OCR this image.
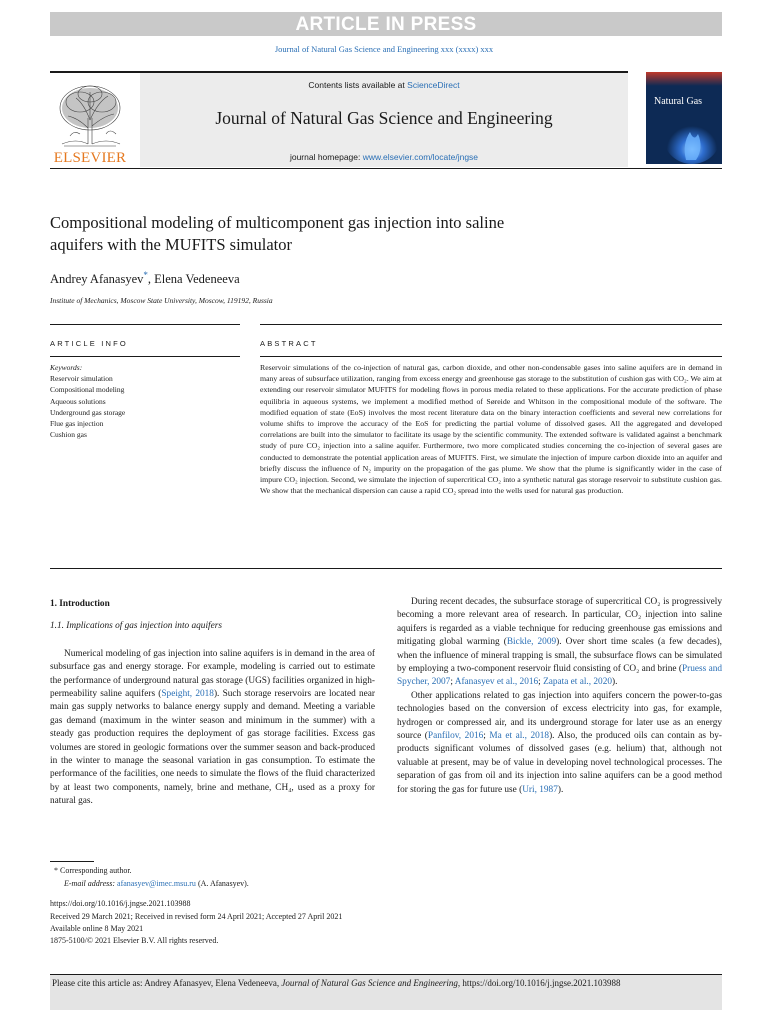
ARTICLE IN PRESS
Journal of Natural Gas Science and Engineering xxx (xxxx) xxx
ELSEVIER
Contents lists available at ScienceDirect
Journal of Natural Gas Science and Engineering
journal homepage: www.elsevier.com/locate/jngse
Natural Gas
Compositional modeling of multicomponent gas injection into saline
aquifers with the MUFITS simulator
Andrey Afanasyev*, Elena Vedeneeva
Institute of Mechanics, Moscow State University, Moscow, 119192, Russia
ARTICLE INFO	ABSTRACT
Keywords:
Reservoir simulation
Compositional modeling
Aqueous solutions
Underground gas storage
Flue gas injection
Cushion gas
Reservoir simulations of the co-injection of natural gas, carbon dioxide, and other non-condensable gases into saline aquifers are in demand in many areas of subsurface utilization, ranging from excess energy and greenhouse gas storage to the substitution of cushion gas with CO₂. We aim at extending our reservoir simulator MUFITS for modeling flows in porous media related to these applications. For the accurate prediction of phase equilibria in aqueous systems, we implement a modified method of Søreide and Whitson in the compositional module of the software. The modified equation of state (EoS) involves the most recent literature data on the binary interaction coefficients and several new correlations for volume shifts to improve the accuracy of the EoS for predicting the partial volume of dissolved gases. All the aggregated and developed correlations are built into the simulator to facilitate its usage by the scientific community. The extended software is validated against a benchmark study of pure CO₂ injection into a saline aquifer. Furthermore, two more complicated studies concerning the co-injection of several gases are conducted to demonstrate the potential application areas of MUFITS. First, we simulate the injection of impure carbon dioxide into an aquifer and briefly discuss the influence of N₂ impurity on the propagation of the gas plume. We show that the plume is significantly wider in the case of impure CO₂ injection. Second, we simulate the injection of supercritical CO₂ into a synthetic natural gas storage reservoir to substitute cushion gas. We show that the mechanical dispersion can cause a rapid CO₂ spread into the wells used for natural gas production.
1. Introduction
1.1. Implications of gas injection into aquifers
Numerical modeling of gas injection into saline aquifers is in demand in the area of subsurface gas and energy storage. For example, modeling is carried out to estimate the performance of underground natural gas storage (UGS) facilities organized in high-permeability saline aquifers (Speight, 2018). Such storage reservoirs are located near main gas supply networks to balance energy supply and demand. Meeting a variable gas demand (maximum in the winter season and minimum in the summer) with a steady gas production requires the deployment of gas storage facilities. Excess gas volumes are stored in geologic formations over the summer season and back-produced in the winter to manage the seasonal variation in gas consumption. To estimate the performance of the facilities, one needs to simulate the flows of the fluid characterized by at least two components, namely, brine and methane, CH₄, used as a proxy for natural gas.
During recent decades, the subsurface storage of supercritical CO₂ is progressively becoming a more relevant area of research. In particular, CO₂ injection into saline aquifers is regarded as a viable technique for reducing greenhouse gas emissions and mitigating global warming (Bickle, 2009). Over short time scales (a few decades), when the influence of mineral trapping is small, the subsurface flows can be simulated by employing a two-component reservoir fluid consisting of CO₂ and brine (Pruess and Spycher, 2007; Afanasyev et al., 2016; Zapata et al., 2020).
Other applications related to gas injection into aquifers concern the power-to-gas technologies based on the conversion of excess electricity into gas, for example, hydrogen or compressed air, and its underground storage for later use as an energy source (Panfilov, 2016; Ma et al., 2018). Also, the produced oils can contain as by-products significant volumes of dissolved gases (e.g. helium) that, although not valuable at present, may be of value in developing novel technological processes. The separation of gas from oil and its injection into saline aquifers can be a good method for storing the gas for future use (Uri, 1987).
* Corresponding author.
E-mail address: afanasyev@imec.msu.ru (A. Afanasyev).
https://doi.org/10.1016/j.jngse.2021.103988
Received 29 March 2021; Received in revised form 24 April 2021; Accepted 27 April 2021
Available online 8 May 2021
1875-5100/© 2021 Elsevier B.V. All rights reserved.
Please cite this article as: Andrey Afanasyev, Elena Vedeneeva, Journal of Natural Gas Science and Engineering, https://doi.org/10.1016/j.jngse.2021.103988
